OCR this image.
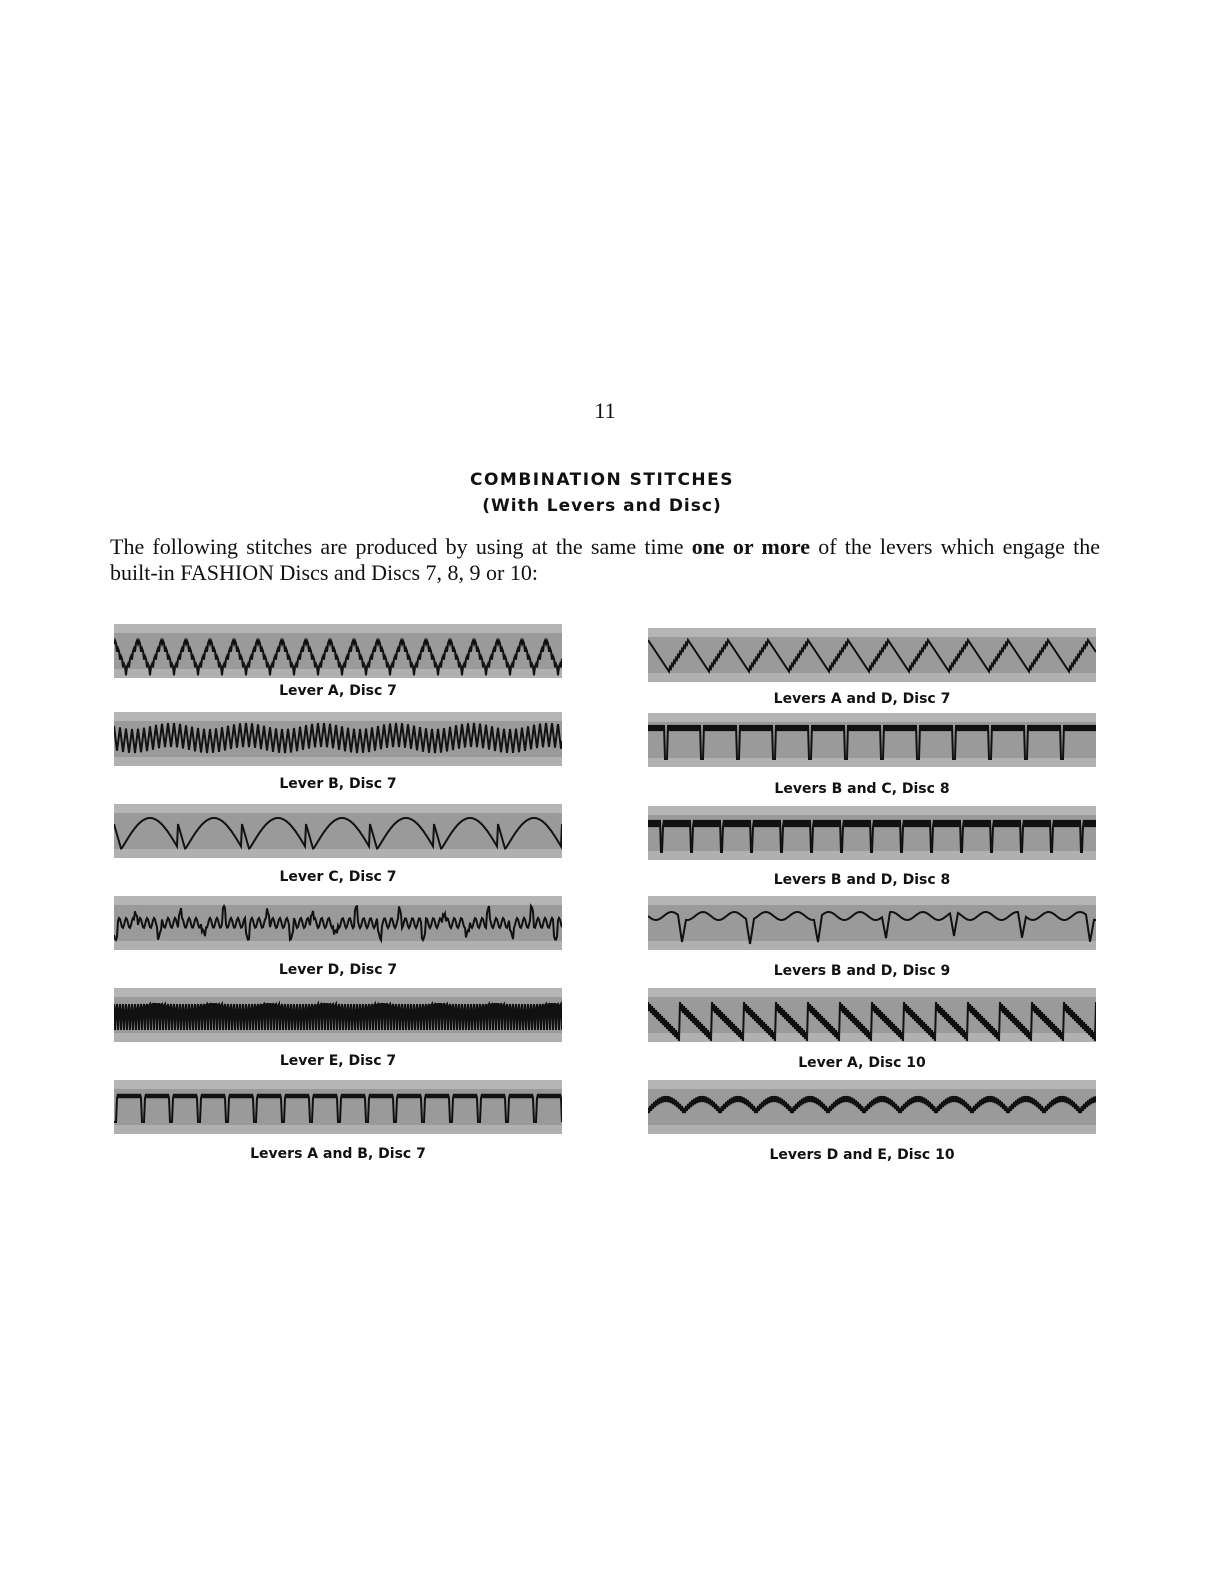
11
COMBINATION STITCHES
(With Levers and Disc)
The following stitches are produced by using at the same time one or more of the levers which engage the built-in FASHION Discs and Discs 7, 8, 9 or 10:
Lever A, Disc 7
Lever B, Disc 7
Lever C, Disc 7
Lever D, Disc 7
Lever E, Disc 7
Levers A and B, Disc 7
Levers A and D, Disc 7
Levers B and C, Disc 8
Levers B and D, Disc 8
Levers B and D, Disc 9
Lever A, Disc 10
Levers D and E, Disc 10
